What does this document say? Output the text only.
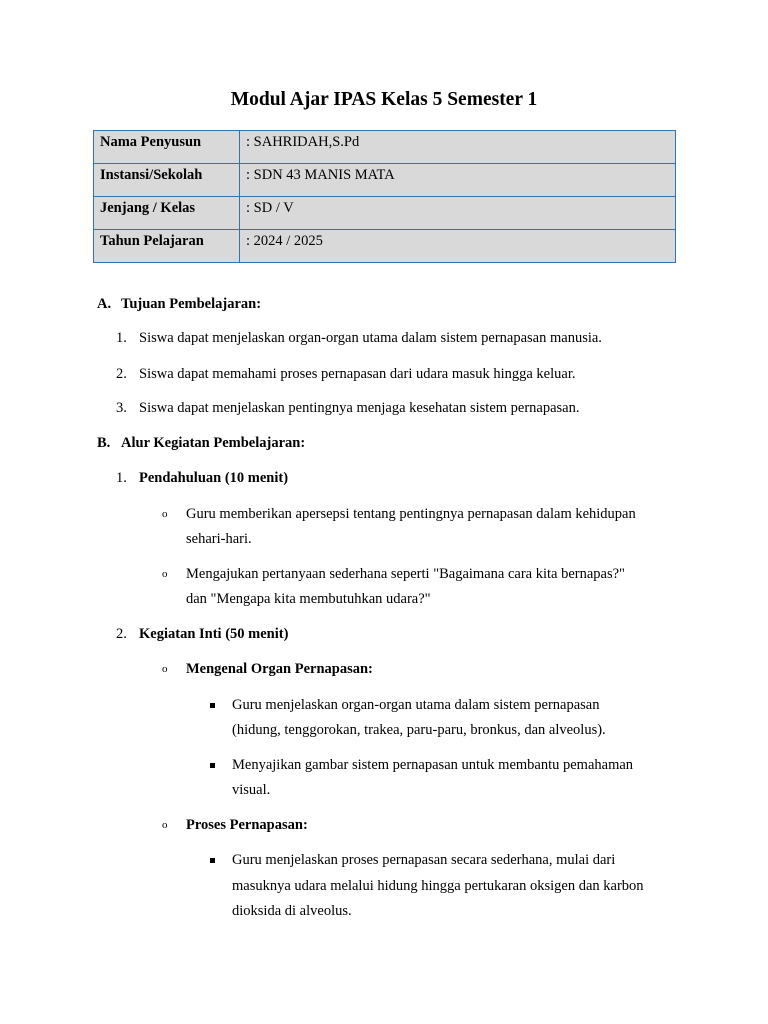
Modul Ajar IPAS Kelas 5 Semester 1
Nama Penyusun	: SAHRIDAH,S.Pd
Instansi/Sekolah	: SDN 43 MANIS MATA
Jenjang / Kelas	: SD / V
Tahun Pelajaran	: 2024 / 2025
A. Tujuan Pembelajaran:
1. Siswa dapat menjelaskan organ-organ utama dalam sistem pernapasan manusia.
2. Siswa dapat memahami proses pernapasan dari udara masuk hingga keluar.
3. Siswa dapat menjelaskan pentingnya menjaga kesehatan sistem pernapasan.
B. Alur Kegiatan Pembelajaran:
1. Pendahuluan (10 menit)
o Guru memberikan apersepsi tentang pentingnya pernapasan dalam kehidupan
sehari-hari.
o Mengajukan pertanyaan sederhana seperti "Bagaimana cara kita bernapas?"
dan "Mengapa kita membutuhkan udara?"
2. Kegiatan Inti (50 menit)
o Mengenal Organ Pernapasan:
Guru menjelaskan organ-organ utama dalam sistem pernapasan
(hidung, tenggorokan, trakea, paru-paru, bronkus, dan alveolus).
Menyajikan gambar sistem pernapasan untuk membantu pemahaman
visual.
o Proses Pernapasan:
Guru menjelaskan proses pernapasan secara sederhana, mulai dari
masuknya udara melalui hidung hingga pertukaran oksigen dan karbon
dioksida di alveolus.
